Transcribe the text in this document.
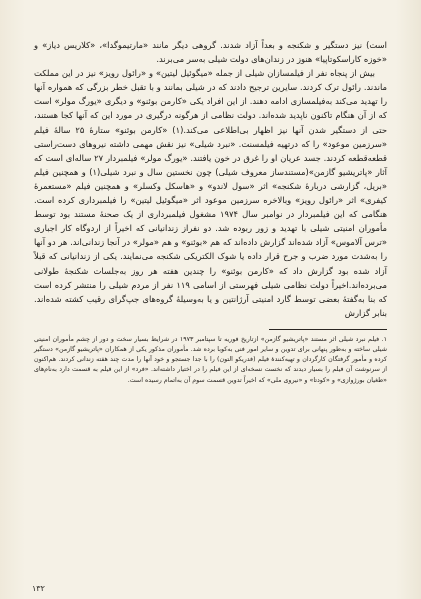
است) نیز دستگیر و شکنجه و بعداً آزاد شدند. گروهی دیگر مانند «مارتیموگدا»، «کلاریس دیاز» و «خوزه کاراسکوتاپیا» هنوز در زندان‌های دولت شیلی به‌سر می‌برند.

بیش از پنجاه نفر از فیلمسازان شیلی از جمله «میگوئیل لیتین» و «رائول رویز» نیز در این مملکت ماندند. رائول ترک کردند. سایرین ترجیح دادند که در شیلی بمانند و با تقبل خطر بزرگی که همواره آنها را تهدید می‌کند به‌فیلمسازی ادامه دهند. از این افراد یکی «کارمن بوئنو» و دیگری «یورگ مولر» است که از آن هنگام تاکنون ناپدید شده‌اند. دولت نظامی از هرگونه درگیری در مورد این که آنها کجا هستند، حتی از دستگیر شدن آنها نیز اظهار بی‌اطلاعی می‌کند.(۱) «کارمن بوئنو» ستارهٔ ۲۵ سالهٔ فیلم «سرزمین موعود» را که درتهیه فیلمسنت. «نبرد شیلی» نیز نقش مهمی داشته نیروهای دست‌راستی قطعه‌قطعه کردند. جسد عریان او را غرق در خون یافتند. «یورگ مولر» فیلمبردار ۲۷ ساله‌ای است که آثار «پاتریشیو گازمن»(مستندساز معروف شیلی) چون نخستین سال و نبرد شیلی(۱) و همچنین فیلم «بریل، گزارشی دربارهٔ شکنجه» اثر «سول لاندو» و «هاسکل وکسلر» و همچنین فیلم «مستعمرهٔ کیفری» اثر «رائول رویز» وبالاخره سرزمین موعود اثر «میگوئیل لیتین» را فیلمبرداری کرده است. هنگامی که این فیلمبردار در نوامبر سال ۱۹۷۴ مشغول فیلمبرداری از یک صحنهٔ مستند بود توسط مأموران امنیتی شیلی با تهدید و زور ربوده شد. دو نفراز زندانیانی که اخیراً از اردوگاه کار اجباری «ترس آلاموس» آزاد شده‌اند گزارش داده‌اند که هم «بوئنو» و هم «مولر» در آنجا زندانی‌اند. هر دو آنها را به‌شدت مورد ضرب و جرح قرار داده یا شوک الکتریکی شکنجه می‌نمایند. یکی از زندانیانی که قبلاً آزاد شده بود گزارش داد که «کارمن بوئنو» را چندین هفته هر روز به‌جلسات شکنجهٔ طولانی می‌برده‌اند.اخیراً دولت نظامی شیلی فهرستی از اسامی ۱۱۹ نفر از مردم شیلی را منتشر کرده است که بنا به‌گفتهٔ بعضی توسط گارد امنیتی آرژانتین و یا به‌وسیلهٔ گروه‌های جپ‌گرای رقیب کشته شده‌اند. بنابر گزارش

۱. فیلم نبرد شیلی اثر مستند «پاتریشیو گازمن» ازتاریخ فوریه تا سپتامبر ۱۹۷۳ در شرایط بسیار سخت و دور از چشم مأموران امنیتی شیلی ساخته و به‌طور پنهانی برای تدوین و سایر امور فنی به‌کوبا برده شد. مأموران مذکور یکی از همکاران «پاتریشیو گازمن» دستگیر کرده و مأمور گرفتگان کارگردان و تهیه‌کنندهٔ فیلم (فدریکو التون) را با جدا جستجو و خود آنها را مدت چند هفته زندانی کردند. هم‌اکنون از سرنوشت آن فیلم را بسیار دیدند که نخست نسخه‌ای از این فیلم را در اختیار داشته‌اند. «فرد» از این فیلم به قسمت دارد به‌نام‌های «طغیان بورژوازی» و «کودتا» و «نیروی ملی» که اخیراً تدوین قسمت سوم آن به‌اتمام رسیده است.

۱۳۲
